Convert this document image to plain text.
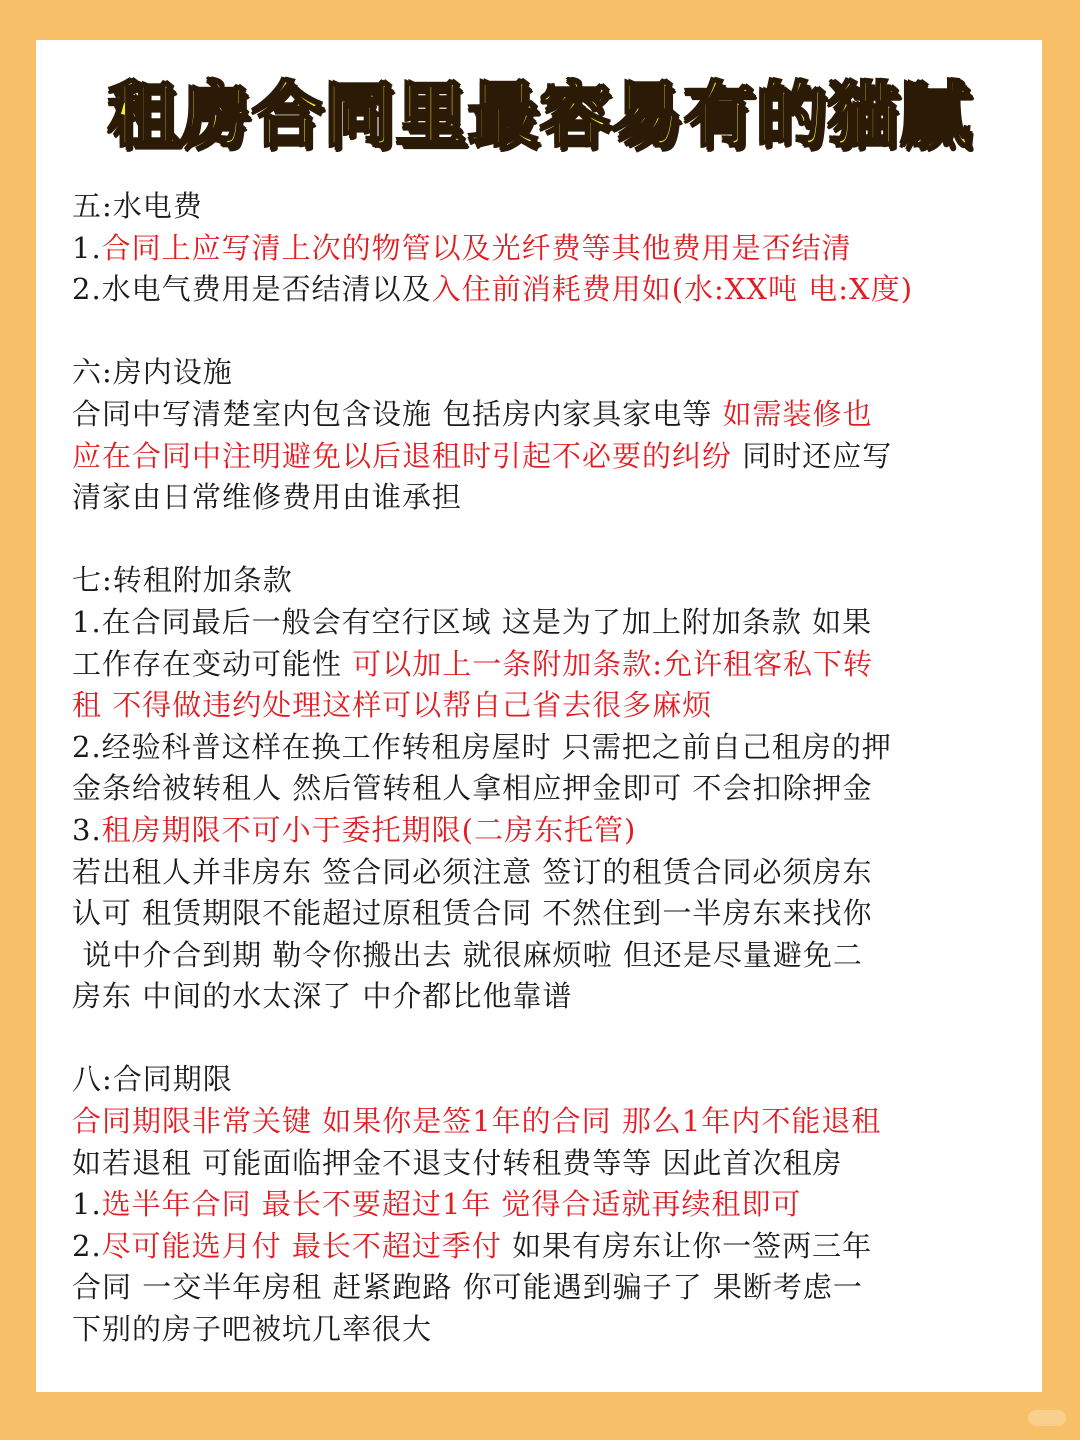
租房合同里最容易有的猫腻
五:水电费
1.合同上应写清上次的物管以及光纤费等其他费用是否结清
2.水电气费用是否结清以及入住前消耗费用如(水:XX吨 电:X度)
六:房内设施
合同中写清楚室内包含设施 包括房内家具家电等 如需装修也
应在合同中注明避免以后退租时引起不必要的纠纷 同时还应写
清家由日常维修费用由谁承担
七:转租附加条款
1.在合同最后一般会有空行区域 这是为了加上附加条款 如果
工作存在变动可能性 可以加上一条附加条款:允许租客私下转
租 不得做违约处理这样可以帮自己省去很多麻烦
2.经验科普这样在换工作转租房屋时 只需把之前自己租房的押
金条给被转租人 然后管转租人拿相应押金即可 不会扣除押金
3.租房期限不可小于委托期限(二房东托管)
若出租人并非房东 签合同必须注意 签订的租赁合同必须房东
认可 租赁期限不能超过原租赁合同 不然住到一半房东来找你
说中介合到期 勒令你搬出去 就很麻烦啦 但还是尽量避免二
房东 中间的水太深了 中介都比他靠谱
八:合同期限
合同期限非常关键 如果你是签1年的合同 那么1年内不能退租
如若退租 可能面临押金不退支付转租费等等 因此首次租房
1.选半年合同 最长不要超过1年 觉得合适就再续租即可
2.尽可能选月付 最长不超过季付 如果有房东让你一签两三年
合同 一交半年房租 赶紧跑路 你可能遇到骗子了 果断考虑一
下别的房子吧被坑几率很大
